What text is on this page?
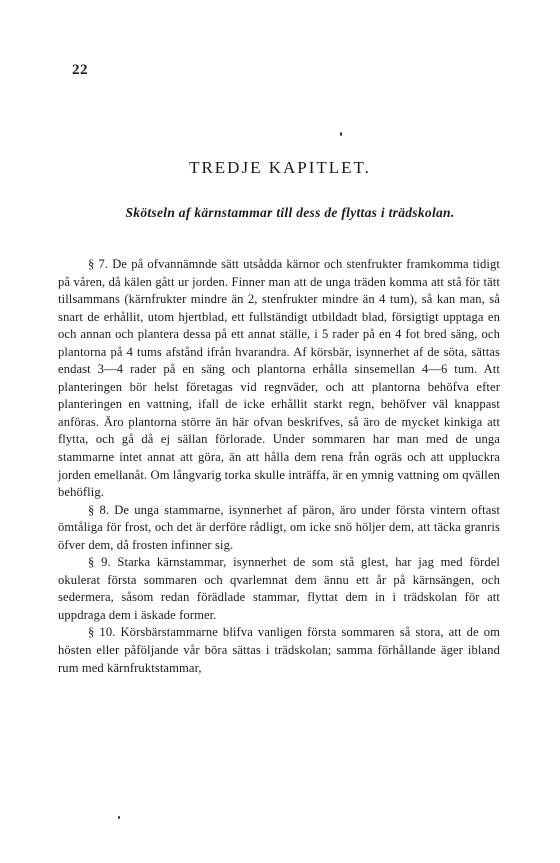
22
TREDJE KAPITLET.
Skötseln af kärnstammar till dess de flyttas i trädskolan.

§ 7. De på ofvannämnde sätt utsådda kärnor och stenfrukter framkomma tidigt på våren, då kälen gått ur jorden. Finner man att de unga träden komma att stå för tätt tillsammans (kärnfrukter mindre än 2, stenfrukter mindre än 4 tum), så kan man, så snart de erhållit, utom hjertblad, ett fullständigt utbildadt blad, försigtigt upptaga en och annan och plantera dessa på ett annat ställe, i 5 rader på en 4 fot bred säng, och plantorna på 4 tums afstånd ifrån hvarandra. Af körsbär, isynnerhet af de söta, sättas endast 3—4 rader på en säng och plantorna erhålla sinsemellan 4—6 tum. Att planteringen bör helst företagas vid regnväder, och att plantorna behöfva efter planteringen en vattning, ifall de icke erhållit starkt regn, behöfver väl knappast anföras. Äro plantorna större än här ofvan beskrifves, så äro de mycket kinkiga att flytta, och gå då ej sällan förlorade. Under sommaren har man med de unga stammarne intet annat att göra, än att hålla dem rena från ogräs och att uppluckra jorden emellanåt. Om långvarig torka skulle inträffa, är en ymnig vattning om qvällen behöflig.

§ 8. De unga stammarne, isynnerhet af päron, äro under första vintern oftast ömtåliga för frost, och det är derföre rådligt, om icke snö höljer dem, att täcka granris öfver dem, då frosten infinner sig.

§ 9. Starka kärnstammar, isynnerhet de som stå glest, har jag med fördel okulerat första sommaren och qvarlemnat dem ännu ett år på kärnsängen, och sedermera, såsom redan förädlade stammar, flyttat dem in i trädskolan för att uppdraga dem i äskade former.

§ 10. Körsbärstammarne blifva vanligen första sommaren så stora, att de om hösten eller påföljande vår böra sättas i trädskolan; samma förhållande äger ibland rum med kärnfruktstammar,
